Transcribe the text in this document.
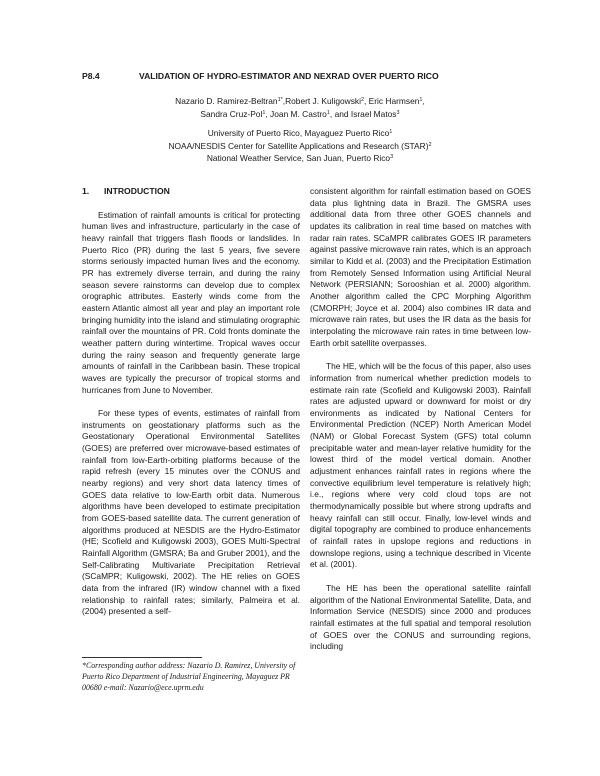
P8.4	VALIDATION OF HYDRO-ESTIMATOR AND NEXRAD OVER PUERTO RICO
Nazario D. Ramirez-Beltran$^{1*}$,Robert J. Kuligowski$^2$, Eric Harmsen$^1$,
Sandra Cruz-Pol$^1$, Joan M. Castro$^1$, and Israel Matos$^3$
University of Puerto Rico, Mayaguez Puerto Rico$^1$
NOAA/NESDIS Center for Satellite Applications and Research (STAR)$^2$
National Weather Service, San Juan, Puerto Rico$^3$

1. INTRODUCTION

Estimation of rainfall amounts is critical for protecting human lives and infrastructure, particularly in the case of heavy rainfall that triggers flash floods or landslides. In Puerto Rico (PR) during the last 5 years, five severe storms seriously impacted human lives and the economy. PR has extremely diverse terrain, and during the rainy season severe rainstorms can develop due to complex orographic attributes. Easterly winds come from the eastern Atlantic almost all year and play an important role bringing humidity into the island and stimulating orographic rainfall over the mountains of PR. Cold fronts dominate the weather pattern during wintertime. Tropical waves occur during the rainy season and frequently generate large amounts of rainfall in the Caribbean basin. These tropical waves are typically the precursor of tropical storms and hurricanes from June to November.

For these types of events, estimates of rainfall from instruments on geostationary platforms such as the Geostationary Operational Environmental Satellites (GOES) are preferred over microwave-based estimates of rainfall from low-Earth-orbiting platforms because of the rapid refresh (every 15 minutes over the CONUS and nearby regions) and very short data latency times of GOES data relative to low-Earth orbit data. Numerous algorithms have been developed to estimate precipitation from GOES-based satellite data. The current generation of algorithms produced at NESDIS are the Hydro-Estimator (HE; Scofield and Kuligowski 2003), GOES Multi-Spectral Rainfall Algorithm (GMSRA; Ba and Gruber 2001), and the Self-Calibrating Multivariate Precipitation Retrieval (SCaMPR; Kuligowski, 2002). The HE relies on GOES data from the infrared (IR) window channel with a fixed relationship to rainfall rates; similarly, Palmeira et al. (2004) presented a self-

consistent algorithm for rainfall estimation based on GOES data plus lightning data in Brazil. The GMSRA uses additional data from three other GOES channels and updates its calibration in real time based on matches with radar rain rates. SCaMPR calibrates GOES IR parameters against passive microwave rain rates, which is an approach similar to Kidd et al. (2003) and the Precipitation Estimation from Remotely Sensed Information using Artificial Neural Network (PERSIANN; Sorooshian et al. 2000) algorithm. Another algorithm called the CPC Morphing Algorithm (CMORPH; Joyce et al. 2004) also combines IR data and microwave rain rates, but uses the IR data as the basis for interpolating the microwave rain rates in time between low-Earth orbit satellite overpasses.

The HE, which will be the focus of this paper, also uses information from numerical whether prediction models to estimate rain rate (Scofield and Kuligowski 2003). Rainfall rates are adjusted upward or downward for moist or dry environments as indicated by National Centers for Environmental Prediction (NCEP) North American Model (NAM) or Global Forecast System (GFS) total column precipitable water and mean-layer relative humidity for the lowest third of the model vertical domain. Another adjustment enhances rainfall rates in regions where the convective equilibrium level temperature is relatively high; i.e., regions where very cold cloud tops are not thermodynamically possible but where strong updrafts and heavy rainfall can still occur. Finally, low-level winds and digital topography are combined to produce enhancements of rainfall rates in upslope regions and reductions in downslope regions, using a technique described in Vicente et al. (2001).

The HE has been the operational satellite rainfall algorithm of the National Environmental Satellite, Data, and Information Service (NESDIS) since 2000 and produces rainfall estimates at the full spatial and temporal resolution of GOES over the CONUS and surrounding regions, including

*Corresponding author address: Nazario D. Ramirez, University of Puerto Rico Department of Industrial Engineering, Mayaguez PR 00680 e-mail: Nazario@ece.uprm.edu
